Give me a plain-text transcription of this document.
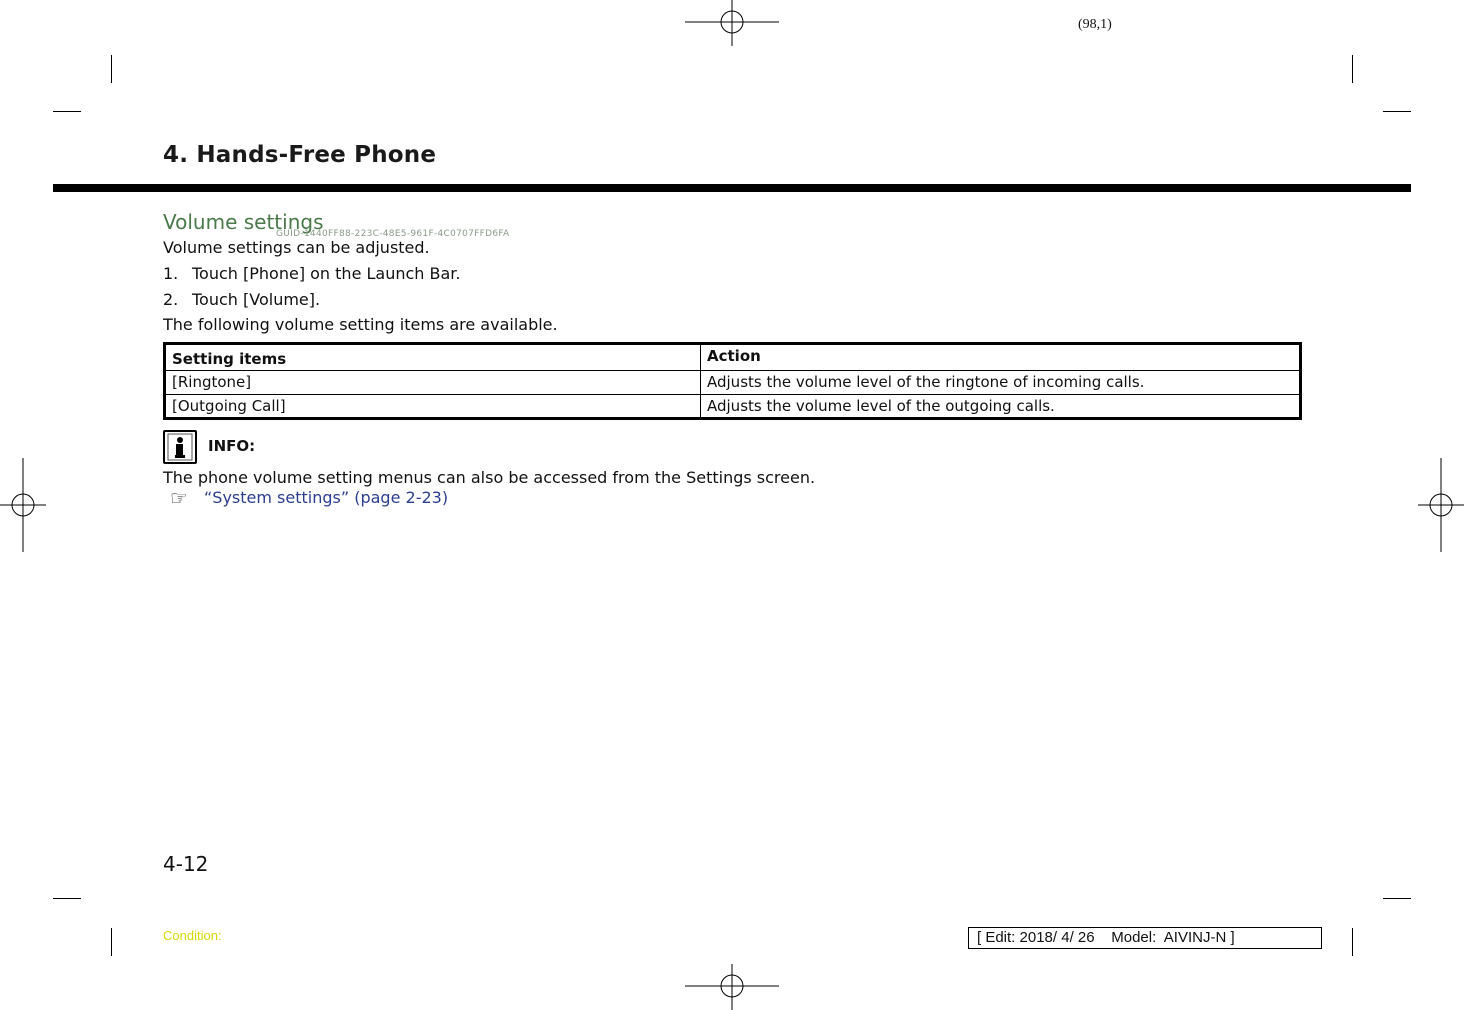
(98,1)
4. Hands-Free Phone
Volume settings
GUID-1440FF88-223C-48E5-961F-4C0707FFD6FA
Volume settings can be adjusted.
1. Touch [Phone] on the Launch Bar.
2. Touch [Volume].
The following volume setting items are available.
Setting items	Action
[Ringtone]	Adjusts the volume level of the ringtone of incoming calls.
[Outgoing Call]	Adjusts the volume level of the outgoing calls.
INFO:
The phone volume setting menus can also be accessed from the Settings screen.
☞ “System settings” (page 2-23)
4-12
Condition:	[ Edit: 2018/ 4/ 26    Model:  AIVINJ-N ]
